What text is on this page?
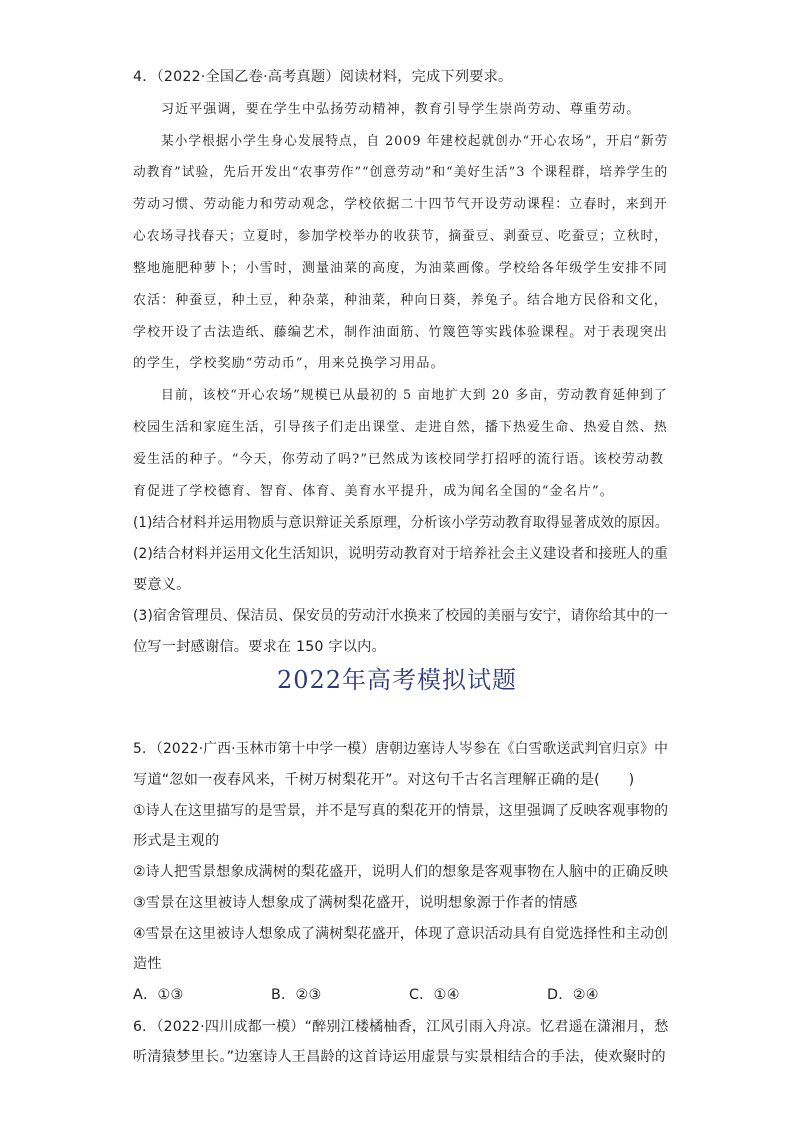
4．（2022·全国乙卷·高考真题）阅读材料，完成下列要求。
习近平强调，要在学生中弘扬劳动精神，教育引导学生崇尚劳动、尊重劳动。
某小学根据小学生身心发展特点，自 2009 年建校起就创办“开心农场”，开启“新劳
动教育”试验，先后开发出“农事劳作”“创意劳动”和“美好生活”3 个课程群，培养学生的
劳动习惯、劳动能力和劳动观念，学校依据二十四节气开设劳动课程：立春时，来到开
心农场寻找春天；立夏时，参加学校举办的收获节，摘蚕豆、剥蚕豆、吃蚕豆；立秋时，
整地施肥种萝卜；小雪时，测量油菜的高度，为油菜画像。学校给各年级学生安排不同
农活：种蚕豆，种土豆，种杂菜，种油菜，种向日葵，养兔子。结合地方民俗和文化，
学校开设了古法造纸、藤编艺术，制作油面筋、竹篾笆等实践体验课程。对于表现突出
的学生，学校奖励“劳动币”，用来兑换学习用品。
目前，该校“开心农场”规模已从最初的 5 亩地扩大到 20 多亩，劳动教育延伸到了
校园生活和家庭生活，引导孩子们走出课堂、走进自然，播下热爱生命、热爱自然、热
爱生活的种子。“今天，你劳动了吗?”已然成为该校同学打招呼的流行语。该校劳动教
育促进了学校德育、智育、体育、美育水平提升，成为闻名全国的“金名片”。
(1)结合材料并运用物质与意识辩证关系原理，分析该小学劳动教育取得显著成效的原因。
(2)结合材料并运用文化生活知识，说明劳动教育对于培养社会主义建设者和接班人的重
要意义。
(3)宿舍管理员、保洁员、保安员的劳动汗水换来了校园的美丽与安宁，请你给其中的一
位写一封感谢信。要求在 150 字以内。
2022年高考模拟试题
5．（2022·广西·玉林市第十中学一模）唐朝边塞诗人岑参在《白雪歌送武判官归京》中
写道“忽如一夜春风来，千树万树梨花开”。对这句千古名言理解正确的是(　　)
①诗人在这里描写的是雪景，并不是写真的梨花开的情景，这里强调了反映客观事物的
形式是主观的
②诗人把雪景想象成满树的梨花盛开，说明人们的想象是客观事物在人脑中的正确反映
③雪景在这里被诗人想象成了满树梨花盛开，说明想象源于作者的情感
④雪景在这里被诗人想象成了满树梨花盛开，体现了意识活动具有自觉选择性和主动创
造性
A．①③	B．②③	C．①④	D．②④
6．（2022·四川成都一模）“醉别江楼橘柚香，江风引雨入舟凉。忆君遥在潇湘月，愁
听清猿梦里长。”边塞诗人王昌龄的这首诗运用虚景与实景相结合的手法，使欢聚时的
